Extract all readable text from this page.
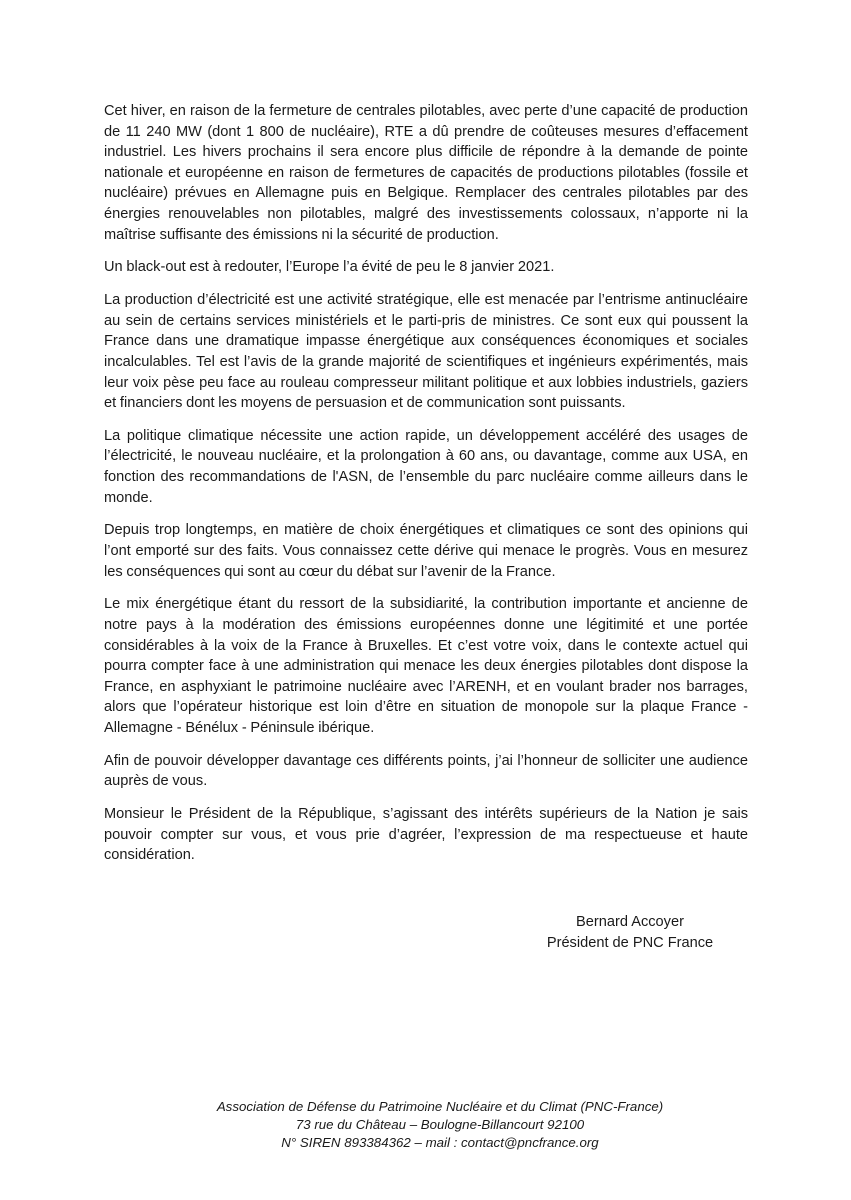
Cet hiver, en raison de la fermeture de centrales pilotables, avec perte d’une capacité de production de 11 240 MW (dont 1 800 de nucléaire), RTE a dû prendre de coûteuses mesures d’effacement industriel. Les hivers prochains il sera encore plus difficile de répondre à la demande de pointe nationale et européenne en raison de fermetures de capacités de productions pilotables (fossile et nucléaire) prévues en Allemagne puis en Belgique. Remplacer des centrales pilotables par des énergies renouvelables non pilotables, malgré des investissements colossaux, n’apporte ni la maîtrise suffisante des émissions ni la sécurité de production.

Un black-out est à redouter, l’Europe l’a évité de peu le 8 janvier 2021.

La production d’électricité est une activité stratégique, elle est menacée par l’entrisme antinucléaire au sein de certains services ministériels et le parti-pris de ministres. Ce sont eux qui poussent la France dans une dramatique impasse énergétique aux conséquences économiques et sociales incalculables. Tel est l’avis de la grande majorité de scientifiques et ingénieurs expérimentés, mais leur voix pèse peu face au rouleau compresseur militant politique et aux lobbies industriels, gaziers et financiers dont les moyens de persuasion et de communication sont puissants.

La politique climatique nécessite une action rapide, un développement accéléré des usages de l’électricité, le nouveau nucléaire, et la prolongation à 60 ans, ou davantage, comme aux USA, en fonction des recommandations de l'ASN, de l’ensemble du parc nucléaire comme ailleurs dans le monde.

Depuis trop longtemps, en matière de choix énergétiques et climatiques ce sont des opinions qui l’ont emporté sur des faits. Vous connaissez cette dérive qui menace le progrès. Vous en mesurez les conséquences qui sont au cœur du débat sur l’avenir de la France.

Le mix énergétique étant du ressort de la subsidiarité, la contribution importante et ancienne de notre pays à la modération des émissions européennes donne une légitimité et une portée considérables à la voix de la France à Bruxelles. Et c’est votre voix, dans le contexte actuel qui pourra compter face à une administration qui menace les deux énergies pilotables dont dispose la France, en asphyxiant le patrimoine nucléaire avec l’ARENH, et en voulant brader nos barrages, alors que l’opérateur historique est loin d’être en situation de monopole sur la plaque France - Allemagne - Bénélux - Péninsule ibérique.

Afin de pouvoir développer davantage ces différents points, j’ai l’honneur de solliciter une audience auprès de vous.

Monsieur le Président de la République, s’agissant des intérêts supérieurs de la Nation je sais pouvoir compter sur vous, et vous prie d’agréer, l’expression de ma respectueuse et haute considération.

Bernard Accoyer
Président de PNC France
Association de Défense du Patrimoine Nucléaire et du Climat (PNC-France)
73 rue du Château – Boulogne-Billancourt 92100
N° SIREN 893384362 – mail : contact@pncfrance.org
